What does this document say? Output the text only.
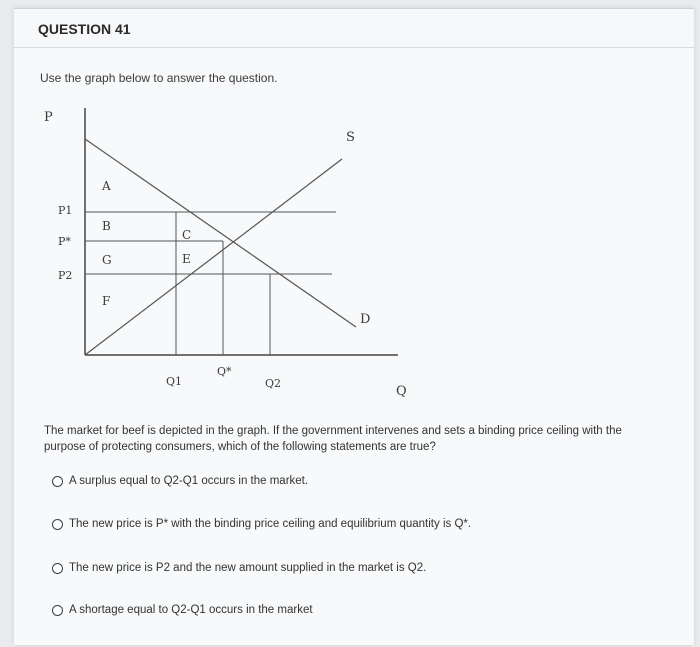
QUESTION 41
Use the graph below to answer the question.
P
Q
S
D
P1
P*
P2
Q1
Q*
Q2
A
B
C
G	E
F
The market for beef is depicted in the graph. If the government intervenes and sets a binding price ceiling with the purpose of protecting consumers, which of the following statements are true?
A surplus equal to Q2-Q1 occurs in the market.
The new price is P* with the binding price ceiling and equilibrium quantity is Q*.
The new price is P2 and the new amount supplied in the market is Q2.
A shortage equal to Q2-Q1 occurs in the market
